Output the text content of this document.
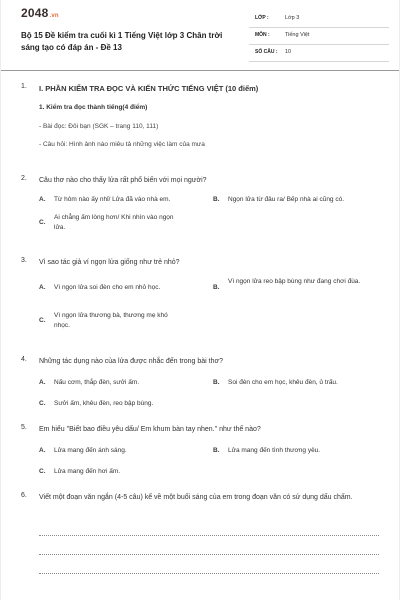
2048.vn
Bộ 15 Đề kiểm tra cuối kì 1 Tiếng Việt lớp 3 Chân trời sáng tạo có đáp án - Đề 13
LỚP :	Lớp 3
MÔN :	Tiếng Việt
SỐ CÂU : 10
1. I. PHẦN KIỂM TRA ĐỌC VÀ KIẾN THỨC TIẾNG VIỆT (10 điểm)
1. Kiểm tra đọc thành tiếng(4 điểm)
- Bài đọc: Đôi bạn (SGK – trang 110, 111)
- Câu hỏi: Hình ảnh nào miêu tả những việc làm của mưa
2. Câu thơ nào cho thấy lửa rất phổ biến với mọi người?
A. Từ hôm nào ấy nhỉ/ Lửa đã vào nhà em.	B. Ngọn lửa từ đâu ra/ Bếp nhà ai cũng có.
C.
Ai chẳng ấm lòng hơn/ Khi nhìn vào ngọn lửa.
3. Vì sao tác giả ví ngọn lửa giống như trẻ nhỏ?
A. Vì ngọn lửa soi đèn cho em nhỏ học.	B.
Vì ngọn lửa reo bập bùng như đang chơi đùa.
C.
Vì ngọn lửa thương bà, thương mẹ khó nhọc.
4. Những tác dụng nào của lửa được nhắc đến trong bài thơ?
A. Nấu cơm, thắp đèn, sưởi ấm.	B. Soi đèn cho em học, khêu đèn, ủ trấu.
C. Sưởi ấm, khêu đèn, reo bập bùng.
5. Em hiểu "Biết bao điều yêu dấu/ Em khum bàn tay nhen." như thế nào?
A. Lửa mang đến ánh sáng.	B. Lửa mang đến tình thương yêu.
C. Lửa mang đến hơi ấm.
6. Viết một đoạn văn ngắn (4-5 câu) kể về một buổi sáng của em trong đoạn văn có sử dụng dấu chấm.
